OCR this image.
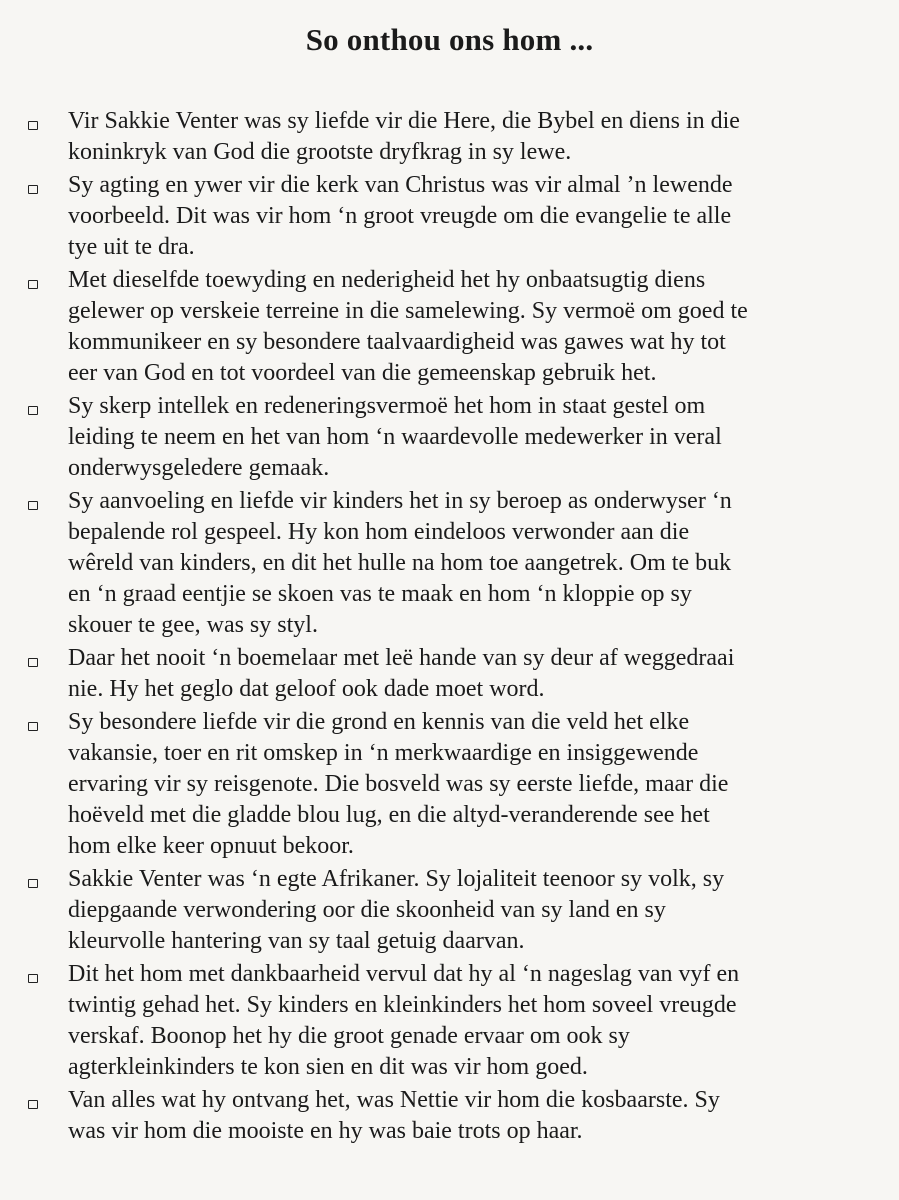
So onthou ons hom ...
Vir Sakkie Venter was sy liefde vir die Here, die Bybel en diens in die
koninkryk van God die grootste dryfkrag in sy lewe.
Sy agting en ywer vir die kerk van Christus was vir almal ’n lewende
voorbeeld. Dit was vir hom ‘n groot vreugde om die evangelie te alle
tye uit te dra.
Met dieselfde toewyding en nederigheid het hy onbaatsugtig diens
gelewer op verskeie terreine in die samelewing. Sy vermoë om goed te
kommunikeer en sy besondere taalvaardigheid was gawes wat hy tot
eer van God en tot voordeel van die gemeenskap gebruik het.
Sy skerp intellek en redeneringsvermoë het hom in staat gestel om
leiding te neem en het van hom ‘n waardevolle medewerker in veral
onderwysgeledere gemaak.
Sy aanvoeling en liefde vir kinders het in sy beroep as onderwyser ‘n
bepalende rol gespeel. Hy kon hom eindeloos verwonder aan die
wêreld van kinders, en dit het hulle na hom toe aangetrek. Om te buk
en ‘n graad eentjie se skoen vas te maak en hom ‘n kloppie op sy
skouer te gee, was sy styl.
Daar het nooit ‘n boemelaar met leë hande van sy deur af weggedraai
nie. Hy het geglo dat geloof ook dade moet word.
Sy besondere liefde vir die grond en kennis van die veld het elke
vakansie, toer en rit omskep in ‘n merkwaardige en insiggewende
ervaring vir sy reisgenote. Die bosveld was sy eerste liefde, maar die
hoëveld met die gladde blou lug, en die altyd-veranderende see het
hom elke keer opnuut bekoor.
Sakkie Venter was ‘n egte Afrikaner. Sy lojaliteit teenoor sy volk, sy
diepgaande verwondering oor die skoonheid van sy land en sy
kleurvolle hantering van sy taal getuig daarvan.
Dit het hom met dankbaarheid vervul dat hy al ‘n nageslag van vyf en
twintig gehad het. Sy kinders en kleinkinders het hom soveel vreugde
verskaf. Boonop het hy die groot genade ervaar om ook sy
agterkleinkinders te kon sien en dit was vir hom goed.
Van alles wat hy ontvang het, was Nettie vir hom die kosbaarste. Sy
was vir hom die mooiste en hy was baie trots op haar.
